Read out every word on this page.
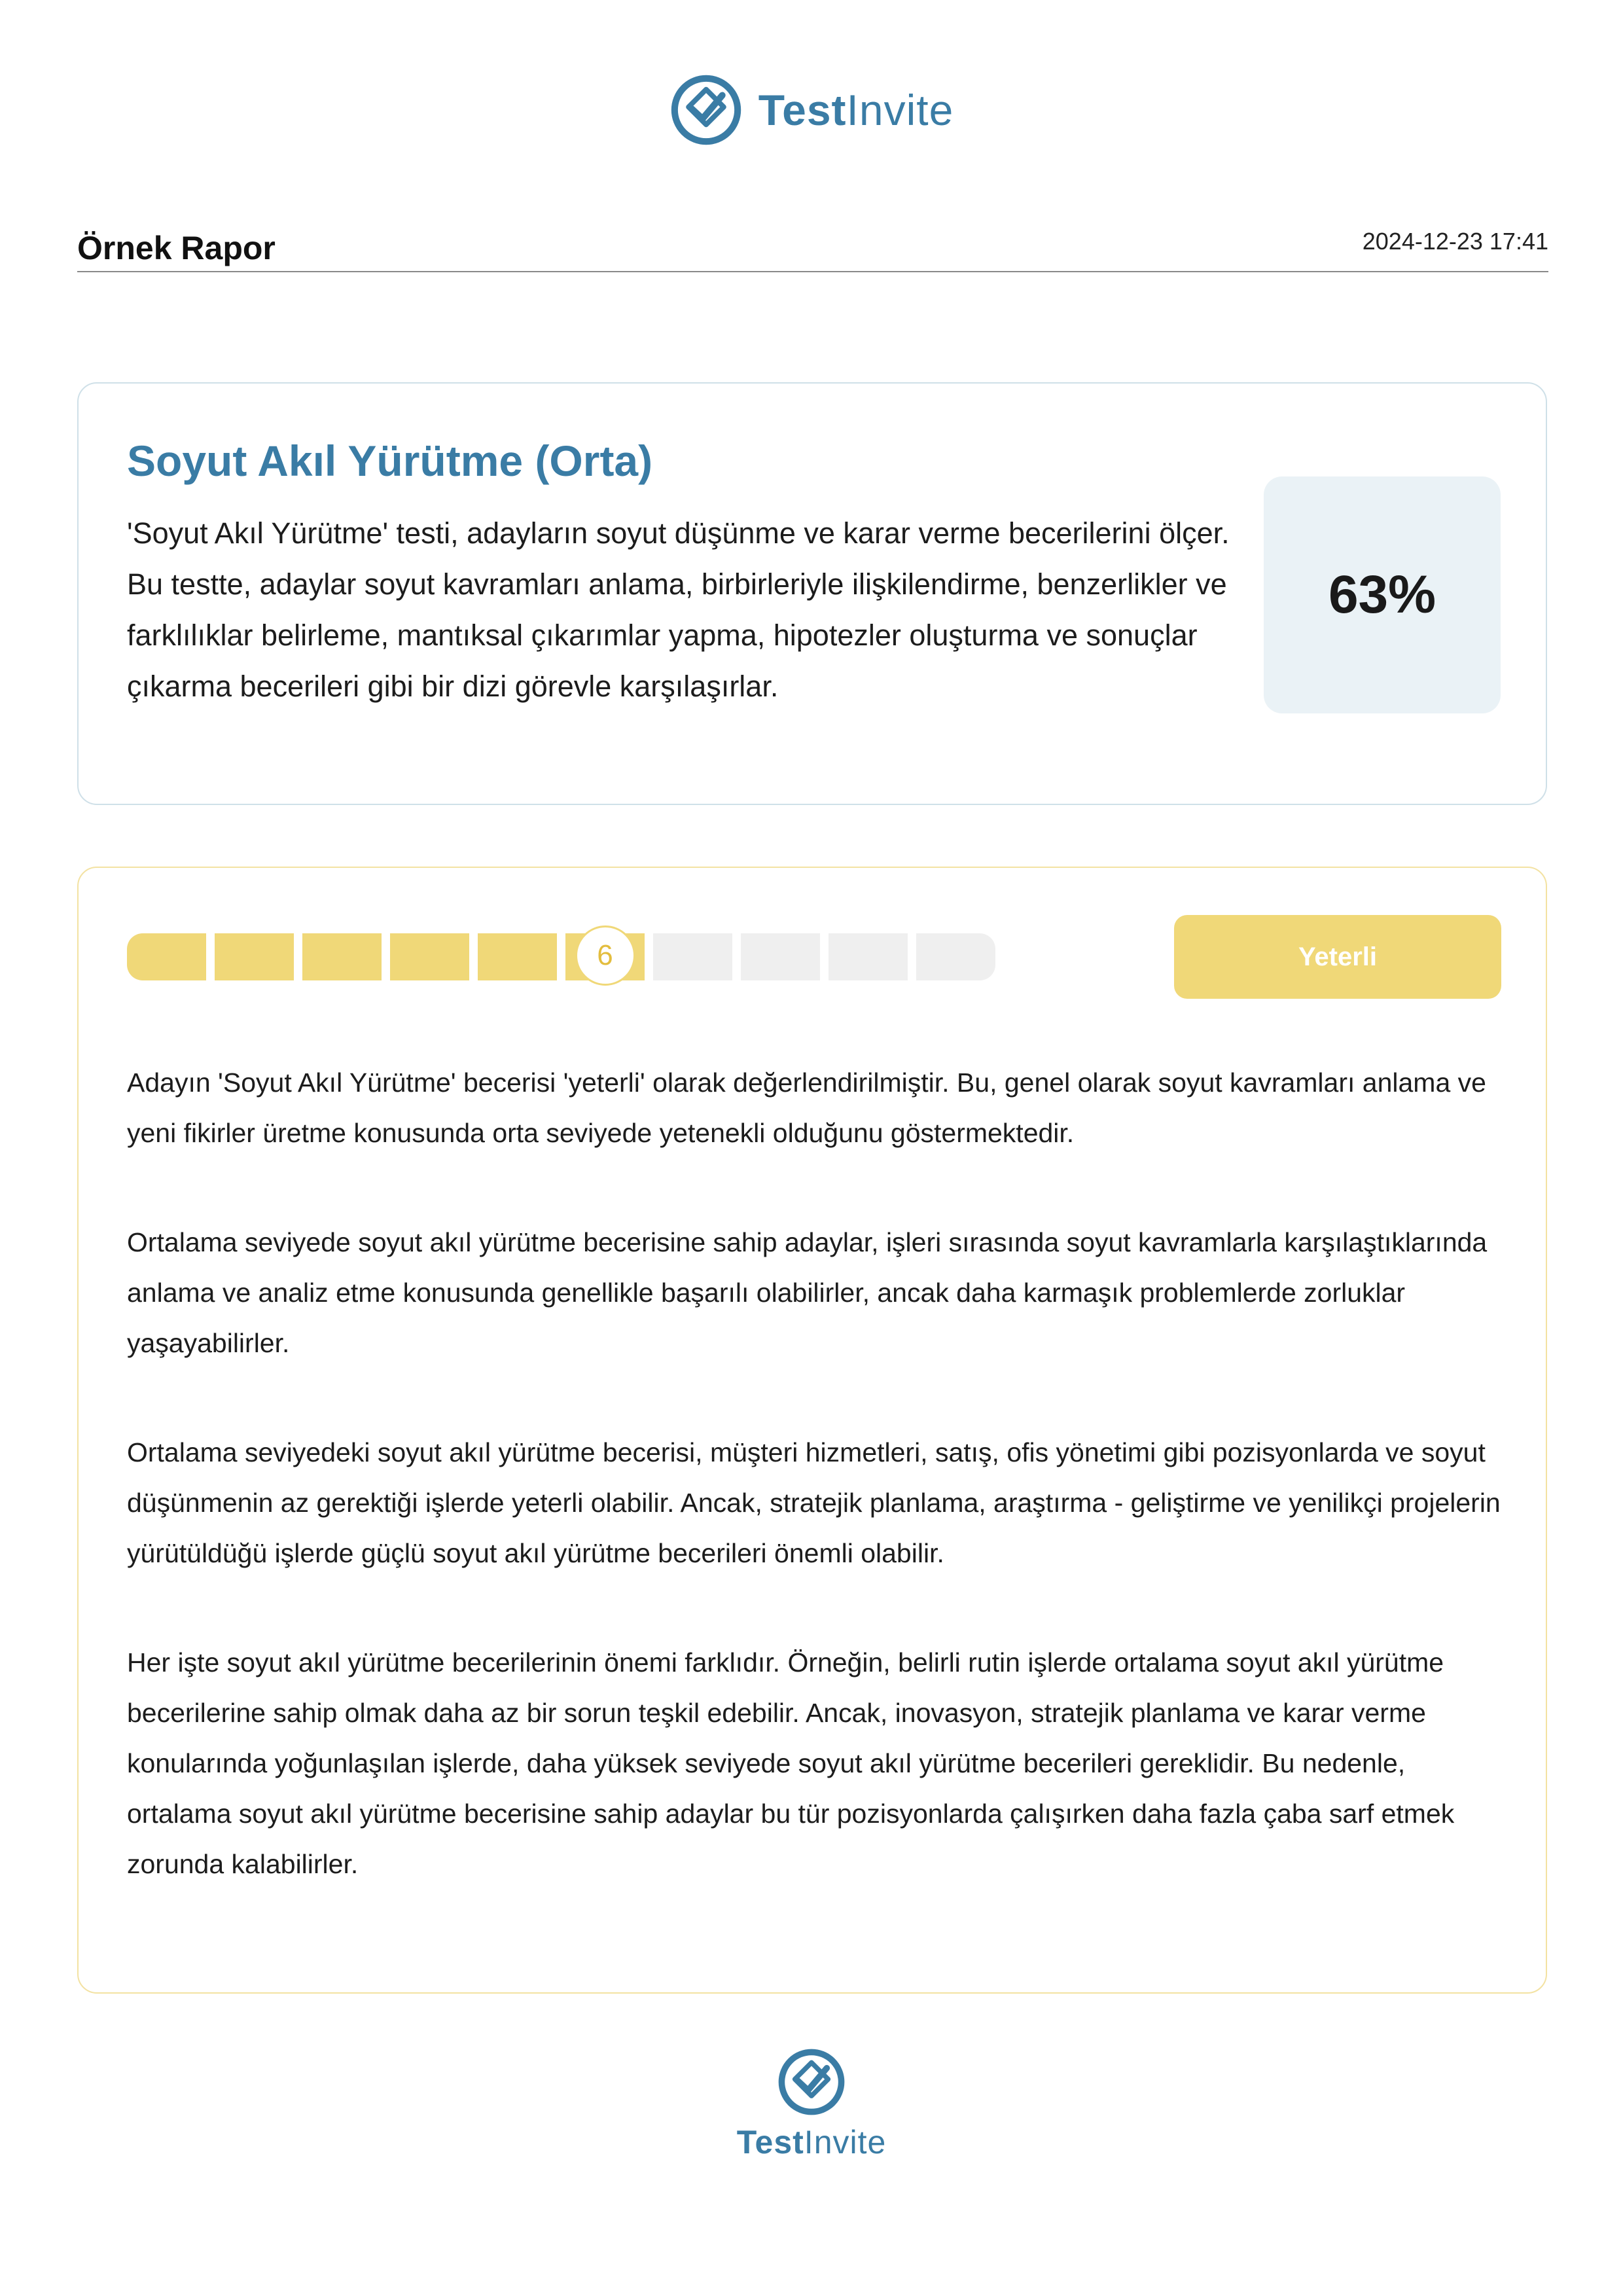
TestInvite
Örnek Rapor	2024-12-23 17:41
Soyut Akıl Yürütme (Orta)
'Soyut Akıl Yürütme' testi, adayların soyut düşünme ve karar verme becerilerini ölçer. Bu testte, adaylar soyut kavramları anlama, birbirleriyle ilişkilendirme, benzerlikler ve farklılıklar belirleme, mantıksal çıkarımlar yapma, hipotezler oluşturma ve sonuçlar çıkarma becerileri gibi bir dizi görevle karşılaşırlar.
63%
6	Yeterli

Adayın 'Soyut Akıl Yürütme' becerisi 'yeterli' olarak değerlendirilmiştir. Bu, genel olarak soyut kavramları anlama ve yeni fikirler üretme konusunda orta seviyede yetenekli olduğunu göstermektedir.

Ortalama seviyede soyut akıl yürütme becerisine sahip adaylar, işleri sırasında soyut kavramlarla karşılaştıklarında anlama ve analiz etme konusunda genellikle başarılı olabilirler, ancak daha karmaşık problemlerde zorluklar yaşayabilirler.

Ortalama seviyedeki soyut akıl yürütme becerisi, müşteri hizmetleri, satış, ofis yönetimi gibi pozisyonlarda ve soyut düşünmenin az gerektiği işlerde yeterli olabilir. Ancak, stratejik planlama, araştırma - geliştirme ve yenilikçi projelerin yürütüldüğü işlerde güçlü soyut akıl yürütme becerileri önemli olabilir.

Her işte soyut akıl yürütme becerilerinin önemi farklıdır. Örneğin, belirli rutin işlerde ortalama soyut akıl yürütme becerilerine sahip olmak daha az bir sorun teşkil edebilir. Ancak, inovasyon, stratejik planlama ve karar verme konularında yoğunlaşılan işlerde, daha yüksek seviyede soyut akıl yürütme becerileri gereklidir. Bu nedenle, ortalama soyut akıl yürütme becerisine sahip adaylar bu tür pozisyonlarda çalışırken daha fazla çaba sarf etmek zorunda kalabilirler.

TestInvite
